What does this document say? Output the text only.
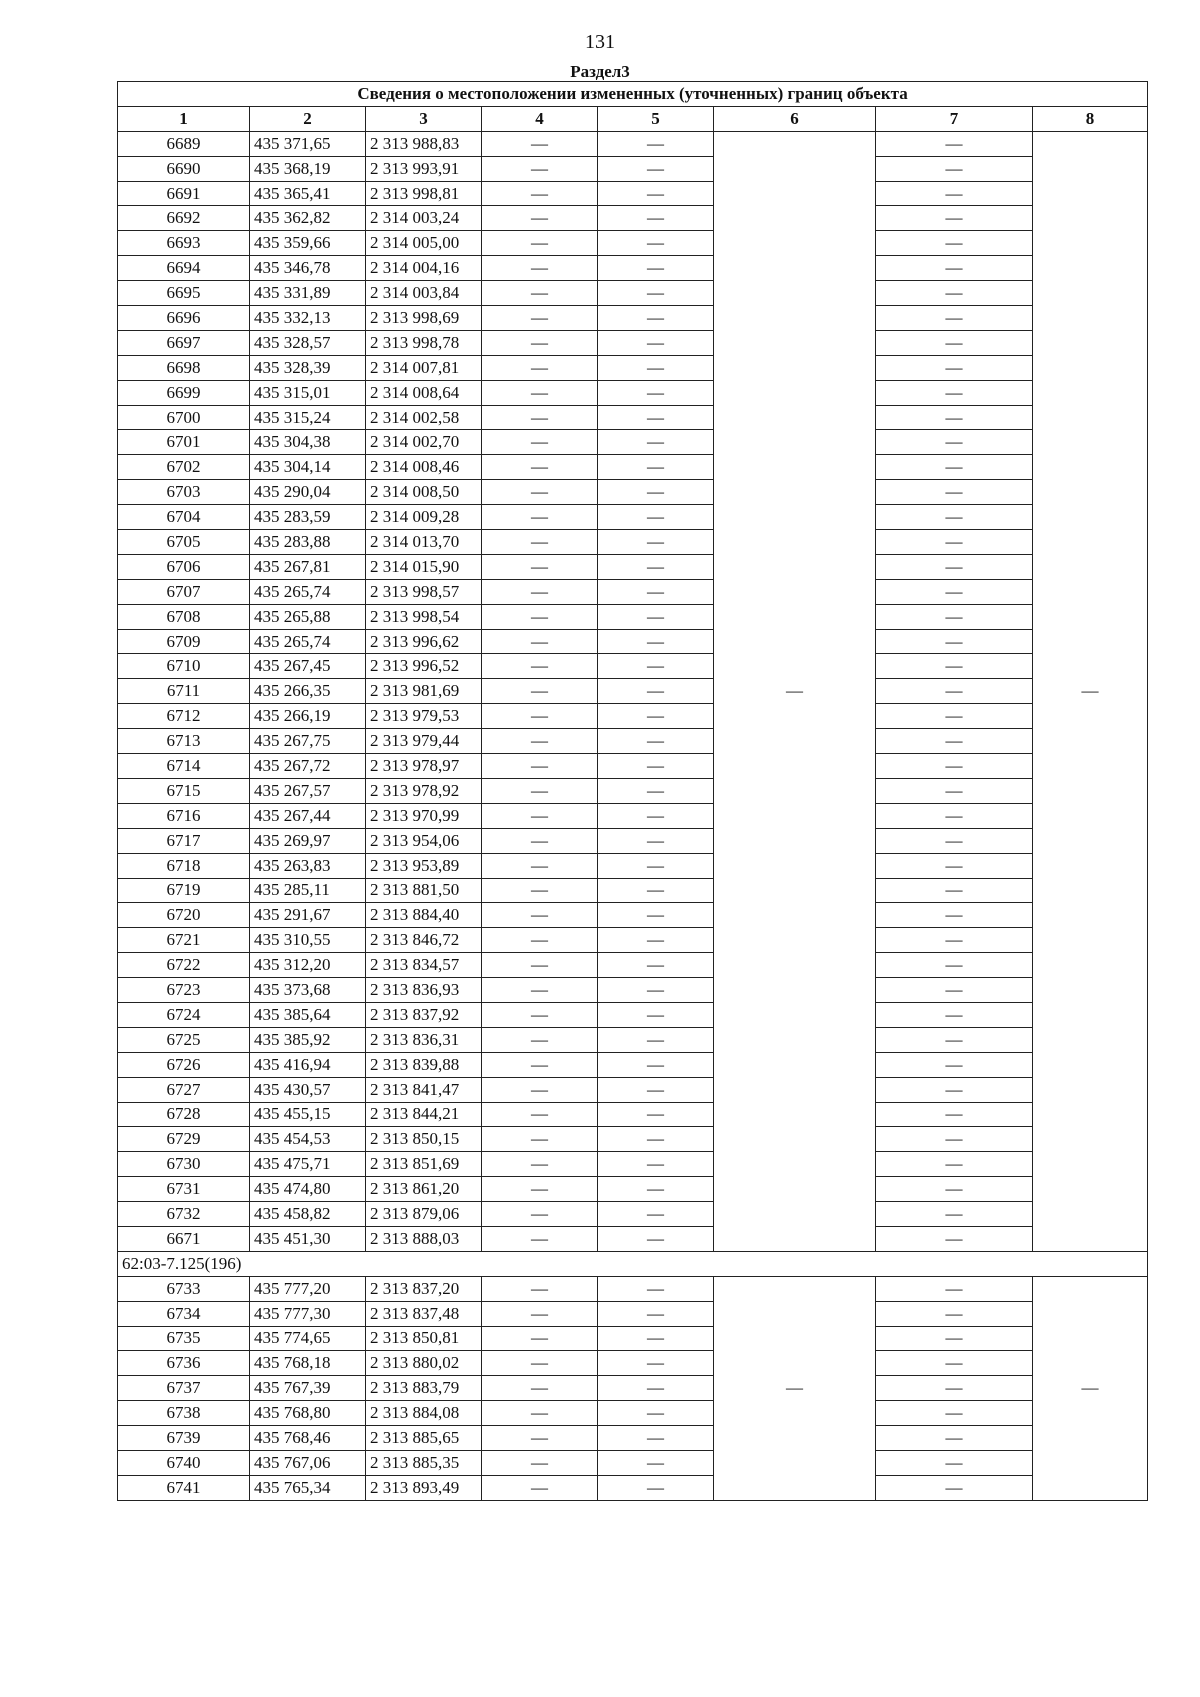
131
Раздел3
Сведения о местоположении измененных (уточненных) границ объекта							
1	2	3	4	5	6	7	8
6689	435 371,65	2 313 988,83	—	—	—	—	—
6690	435 368,19	2 313 993,91	—	—		—	
6691	435 365,41	2 313 998,81	—	—		—	
6692	435 362,82	2 314 003,24	—	—		—	
6693	435 359,66	2 314 005,00	—	—		—	
6694	435 346,78	2 314 004,16	—	—		—	
6695	435 331,89	2 314 003,84	—	—		—	
6696	435 332,13	2 313 998,69	—	—		—	
6697	435 328,57	2 313 998,78	—	—		—	
6698	435 328,39	2 314 007,81	—	—		—	
6699	435 315,01	2 314 008,64	—	—		—	
6700	435 315,24	2 314 002,58	—	—		—	
6701	435 304,38	2 314 002,70	—	—		—	
6702	435 304,14	2 314 008,46	—	—		—	
6703	435 290,04	2 314 008,50	—	—		—	
6704	435 283,59	2 314 009,28	—	—		—	
6705	435 283,88	2 314 013,70	—	—		—	
6706	435 267,81	2 314 015,90	—	—		—	
6707	435 265,74	2 313 998,57	—	—		—	
6708	435 265,88	2 313 998,54	—	—		—	
6709	435 265,74	2 313 996,62	—	—		—	
6710	435 267,45	2 313 996,52	—	—		—	
6711	435 266,35	2 313 981,69	—	—		—	
6712	435 266,19	2 313 979,53	—	—		—	
6713	435 267,75	2 313 979,44	—	—		—	
6714	435 267,72	2 313 978,97	—	—		—	
6715	435 267,57	2 313 978,92	—	—		—	
6716	435 267,44	2 313 970,99	—	—		—	
6717	435 269,97	2 313 954,06	—	—		—	
6718	435 263,83	2 313 953,89	—	—		—	
6719	435 285,11	2 313 881,50	—	—		—	
6720	435 291,67	2 313 884,40	—	—		—	
6721	435 310,55	2 313 846,72	—	—		—	
6722	435 312,20	2 313 834,57	—	—		—	
6723	435 373,68	2 313 836,93	—	—		—	
6724	435 385,64	2 313 837,92	—	—		—	
6725	435 385,92	2 313 836,31	—	—		—	
6726	435 416,94	2 313 839,88	—	—		—	
6727	435 430,57	2 313 841,47	—	—		—	
6728	435 455,15	2 313 844,21	—	—		—	
6729	435 454,53	2 313 850,15	—	—		—	
6730	435 475,71	2 313 851,69	—	—		—	
6731	435 474,80	2 313 861,20	—	—		—	
6732	435 458,82	2 313 879,06	—	—		—	
6671	435 451,30	2 313 888,03	—	—		—	
62:03-7.125(196)							
6733	435 777,20	2 313 837,20	—	—	—	—	—
6734	435 777,30	2 313 837,48	—	—		—	
6735	435 774,65	2 313 850,81	—	—		—	
6736	435 768,18	2 313 880,02	—	—		—	
6737	435 767,39	2 313 883,79	—	—		—	
6738	435 768,80	2 313 884,08	—	—		—	
6739	435 768,46	2 313 885,65	—	—		—	
6740	435 767,06	2 313 885,35	—	—		—	
6741	435 765,34	2 313 893,49	—	—		—	
